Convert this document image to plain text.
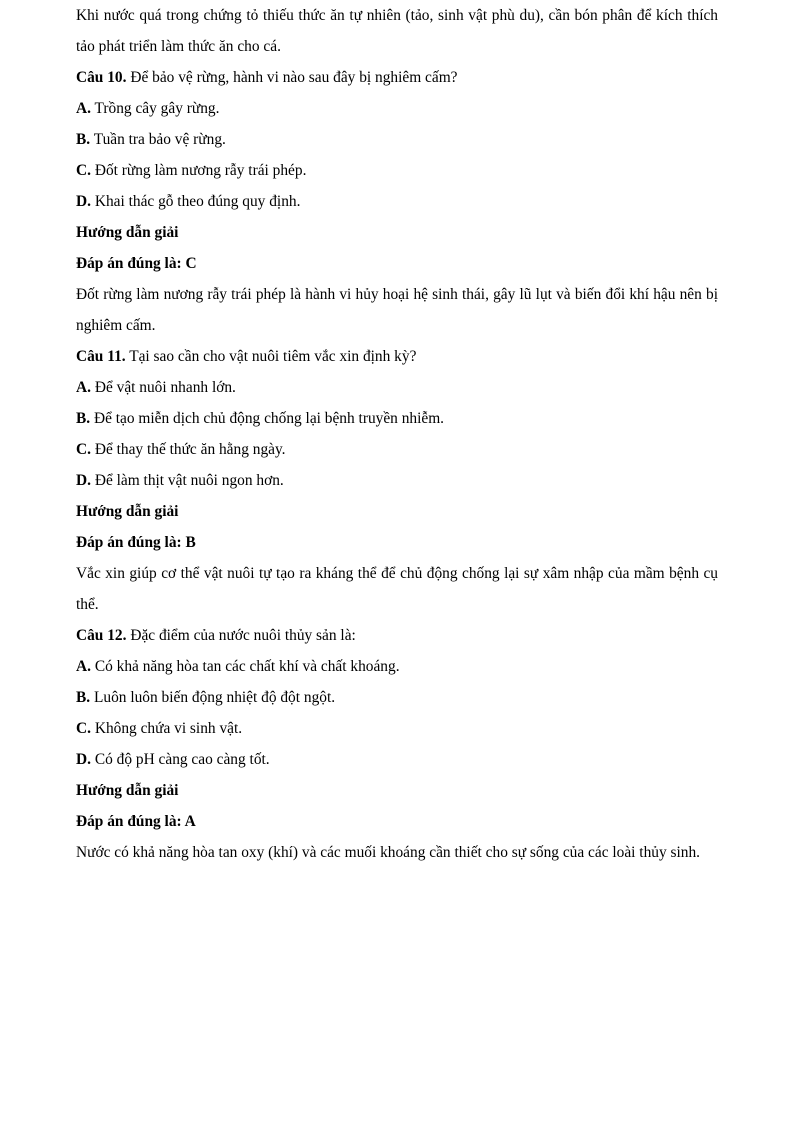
Khi nước quá trong chứng tỏ thiếu thức ăn tự nhiên (tảo, sinh vật phù du), cần bón phân để kích thích tảo phát triển làm thức ăn cho cá.

Câu 10. Để bảo vệ rừng, hành vi nào sau đây bị nghiêm cấm?

A. Trồng cây gây rừng.

B. Tuần tra bảo vệ rừng.

C. Đốt rừng làm nương rẫy trái phép.

D. Khai thác gỗ theo đúng quy định.

Hướng dẫn giải

Đáp án đúng là: C

Đốt rừng làm nương rẫy trái phép là hành vi hủy hoại hệ sinh thái, gây lũ lụt và biến đổi khí hậu nên bị nghiêm cấm.

Câu 11. Tại sao cần cho vật nuôi tiêm vắc xin định kỳ?

A. Để vật nuôi nhanh lớn.

B. Để tạo miễn dịch chủ động chống lại bệnh truyền nhiễm.

C. Để thay thế thức ăn hằng ngày.

D. Để làm thịt vật nuôi ngon hơn.

Hướng dẫn giải

Đáp án đúng là: B

Vắc xin giúp cơ thể vật nuôi tự tạo ra kháng thể để chủ động chống lại sự xâm nhập của mầm bệnh cụ thể.

Câu 12. Đặc điểm của nước nuôi thủy sản là:

A. Có khả năng hòa tan các chất khí và chất khoáng.

B. Luôn luôn biến động nhiệt độ đột ngột.

C. Không chứa vi sinh vật.

D. Có độ pH càng cao càng tốt.

Hướng dẫn giải

Đáp án đúng là: A

Nước có khả năng hòa tan oxy (khí) và các muối khoáng cần thiết cho sự sống của các loài thủy sinh.
